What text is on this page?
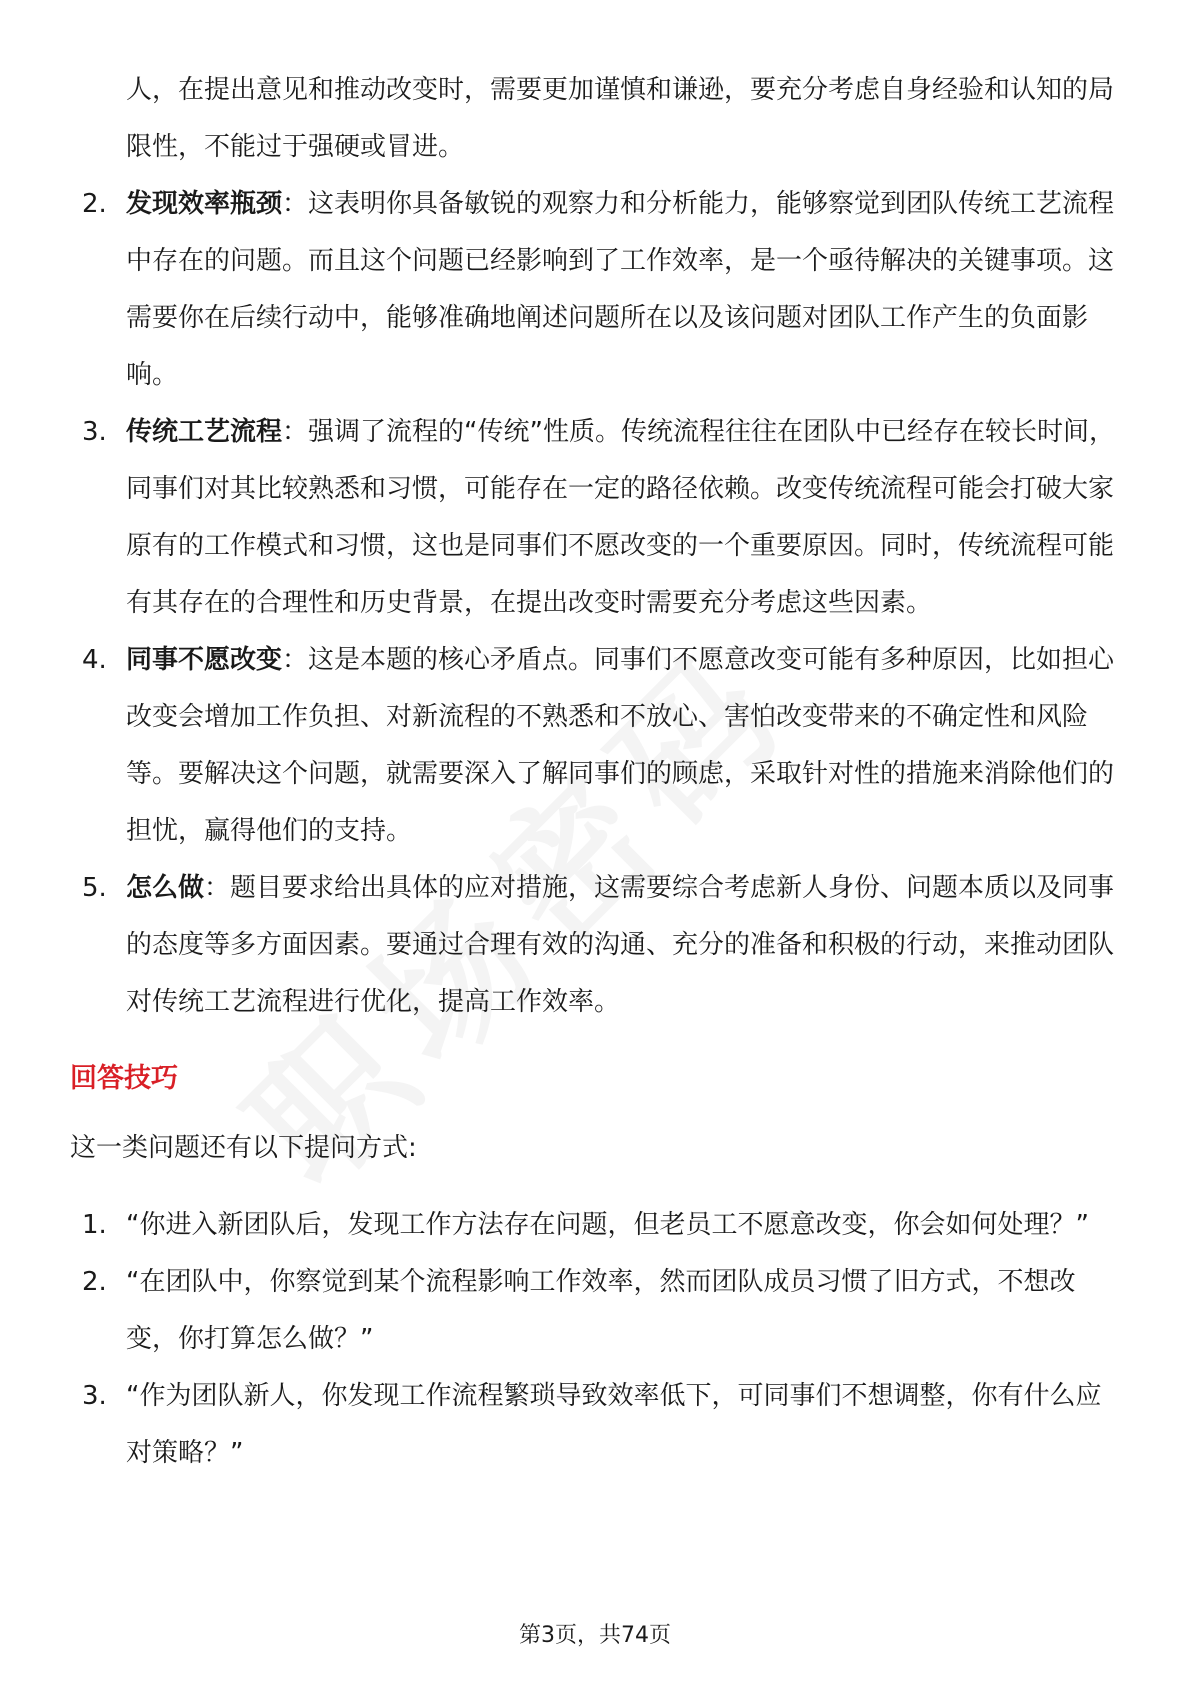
人，在提出意见和推动改变时，需要更加谨慎和谦逊，要充分考虑自身经验和认知的局限性，不能过于强硬或冒进。

2. 发现效率瓶颈：这表明你具备敏锐的观察力和分析能力，能够察觉到团队传统工艺流程中存在的问题。而且这个问题已经影响到了工作效率，是一个亟待解决的关键事项。这需要你在后续行动中，能够准确地阐述问题所在以及该问题对团队工作产生的负面影响。
3. 传统工艺流程：强调了流程的“传统”性质。传统流程往往在团队中已经存在较长时间，同事们对其比较熟悉和习惯，可能存在一定的路径依赖。改变传统流程可能会打破大家原有的工作模式和习惯，这也是同事们不愿改变的一个重要原因。同时，传统流程可能有其存在的合理性和历史背景，在提出改变时需要充分考虑这些因素。
4. 同事不愿改变：这是本题的核心矛盾点。同事们不愿意改变可能有多种原因，比如担心改变会增加工作负担、对新流程的不熟悉和不放心、害怕改变带来的不确定性和风险等。要解决这个问题，就需要深入了解同事们的顾虑，采取针对性的措施来消除他们的担忧，赢得他们的支持。
5. 怎么做：题目要求给出具体的应对措施，这需要综合考虑新人身份、问题本质以及同事的态度等多方面因素。要通过合理有效的沟通、充分的准备和积极的行动，来推动团队对传统工艺流程进行优化，提高工作效率。
回答技巧

这一类问题还有以下提问方式:

1. “你进入新团队后，发现工作方法存在问题，但老员工不愿意改变，你会如何处理？”
2. “在团队中，你察觉到某个流程影响工作效率，然而团队成员习惯了旧方式，不想改变，你打算怎么做？”
3. “作为团队新人，你发现工作流程繁琐导致效率低下，可同事们不想调整，你有什么应对策略？”
第3页，共74页
